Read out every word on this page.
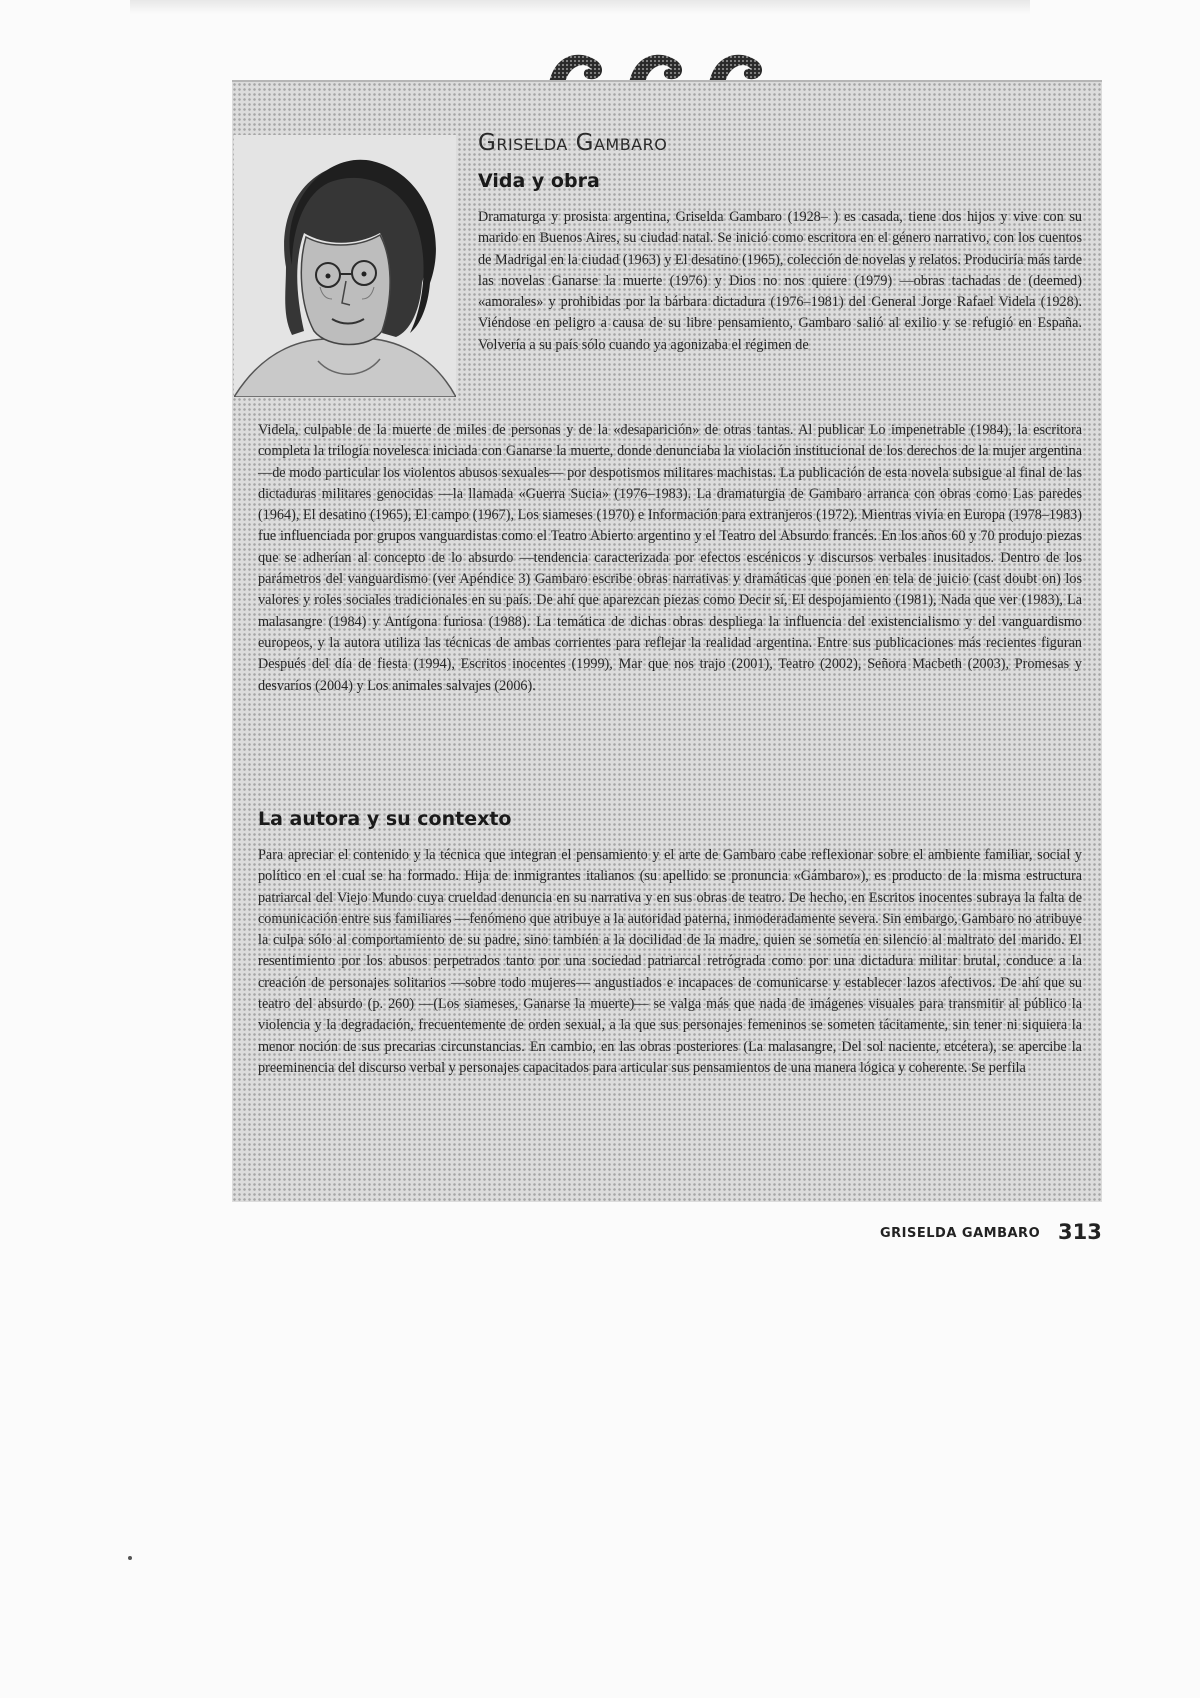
Griselda Gambaro
Vida y obra

Dramaturga y prosista argentina, Griselda Gambaro (1928– ) es casada, tiene dos hijos y vive con su marido en Buenos Aires, su ciudad natal. Se inició como escritora en el género narrativo, con los cuentos de Madrigal en la ciudad (1963) y El desatino (1965), colección de novelas y relatos. Produciría más tarde las novelas Ganarse la muerte (1976) y Dios no nos quiere (1979) —obras tachadas de (deemed) «amorales» y prohibidas por la bárbara dictadura (1976–1981) del General Jorge Rafael Videla (1928). Viéndose en peligro a causa de su libre pensamiento, Gambaro salió al exilio y se refugió en España. Volvería a su país sólo cuando ya agonizaba el régimen de

Videla, culpable de la muerte de miles de personas y de la «desaparición» de otras tantas. Al publicar Lo impenetrable (1984), la escritora completa la trilogía novelesca iniciada con Ganarse la muerte, donde denunciaba la violación institucional de los derechos de la mujer argentina —de modo particular los violentos abusos sexuales— por despotismos militares machistas. La publicación de esta novela subsigue al final de las dictaduras militares genocidas —la llamada «Guerra Sucia» (1976–1983). La dramaturgia de Gambaro arranca con obras como Las paredes (1964), El desatino (1965), El campo (1967), Los siameses (1970) e Información para extranjeros (1972). Mientras vivía en Europa (1978–1983) fue influenciada por grupos vanguardistas como el Teatro Abierto argentino y el Teatro del Absurdo francés. En los años 60 y 70 produjo piezas que se adherían al concepto de lo absurdo —tendencia caracterizada por efectos escénicos y discursos verbales inusitados. Dentro de los parámetros del vanguardismo (ver Apéndice 3) Gambaro escribe obras narrativas y dramáticas que ponen en tela de juicio (cast doubt on) los valores y roles sociales tradicionales en su país. De ahí que aparezcan piezas como Decir sí, El despojamiento (1981), Nada que ver (1983), La malasangre (1984) y Antígona furiosa (1988). La temática de dichas obras despliega la influencia del existencialismo y del vanguardismo europeos, y la autora utiliza las técnicas de ambas corrientes para reflejar la realidad argentina. Entre sus publicaciones más recientes figuran Después del día de fiesta (1994), Escritos inocentes (1999), Mar que nos trajo (2001), Teatro (2002), Señora Macbeth (2003), Promesas y desvaríos (2004) y Los animales salvajes (2006).

La autora y su contexto

Para apreciar el contenido y la técnica que integran el pensamiento y el arte de Gambaro cabe reflexionar sobre el ambiente familiar, social y político en el cual se ha formado. Hija de inmigrantes italianos (su apellido se pronuncia «Gámbaro»), es producto de la misma estructura patriarcal del Viejo Mundo cuya crueldad denuncia en su narrativa y en sus obras de teatro. De hecho, en Escritos inocentes subraya la falta de comunicación entre sus familiares —fenómeno que atribuye a la autoridad paterna, inmoderadamente severa. Sin embargo, Gambaro no atribuye la culpa sólo al comportamiento de su padre, sino también a la docilidad de la madre, quien se sometía en silencio al maltrato del marido. El resentimiento por los abusos perpetrados tanto por una sociedad patriarcal retrógrada como por una dictadura militar brutal, conduce a la creación de personajes solitarios —sobre todo mujeres— angustiados e incapaces de comunicarse y establecer lazos afectivos. De ahí que su teatro del absurdo (p. 260) —(Los siameses, Ganarse la muerte)— se valga más que nada de imágenes visuales para transmitir al público la violencia y la degradación, frecuentemente de orden sexual, a la que sus personajes femeninos se someten tácitamente, sin tener ni siquiera la menor noción de sus precarias circunstancias. En cambio, en las obras posteriores (La malasangre, Del sol naciente, etcétera), se apercibe la preeminencia del discurso verbal y personajes capacitados para articular sus pensamientos de una manera lógica y coherente. Se perfila

GRISELDA GAMBARO 313
